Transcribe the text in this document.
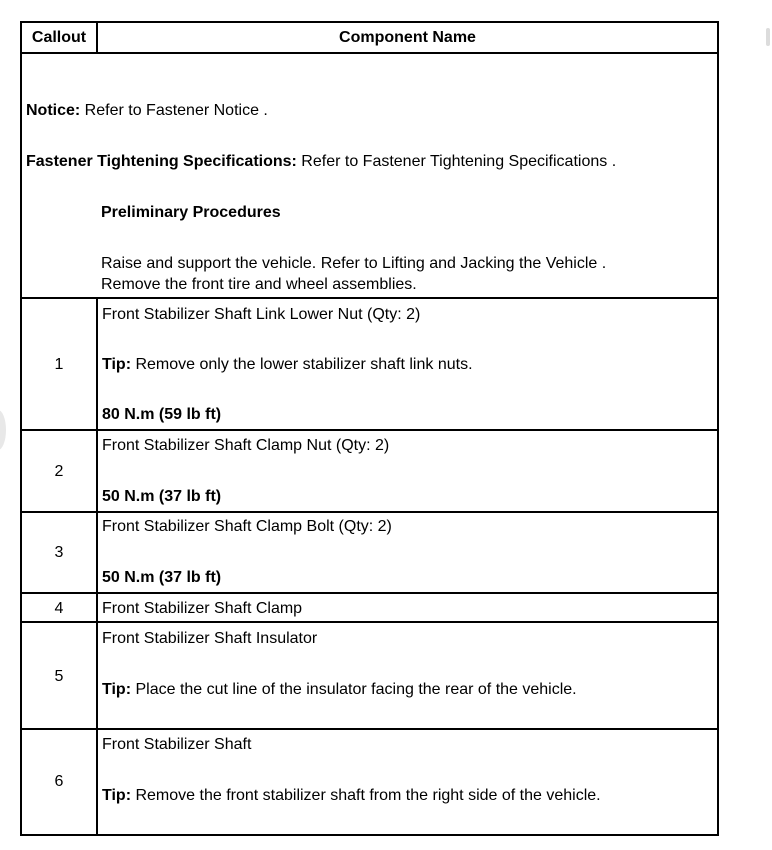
Callout	Component Name
Notice: Refer to Fastener Notice .
Fastener Tightening Specifications: Refer to Fastener Tightening Specifications .
Preliminary Procedures
Raise and support the vehicle. Refer to Lifting and Jacking the Vehicle .
Remove the front tire and wheel assemblies.
1
Front Stabilizer Shaft Link Lower Nut (Qty: 2)
Tip: Remove only the lower stabilizer shaft link nuts.
80 N.m (59 lb ft)
2
Front Stabilizer Shaft Clamp Nut (Qty: 2)
50 N.m (37 lb ft)
3
Front Stabilizer Shaft Clamp Bolt (Qty: 2)
50 N.m (37 lb ft)
4	Front Stabilizer Shaft Clamp
5
Front Stabilizer Shaft Insulator
Tip: Place the cut line of the insulator facing the rear of the vehicle.
6
Front Stabilizer Shaft
Tip: Remove the front stabilizer shaft from the right side of the vehicle.
